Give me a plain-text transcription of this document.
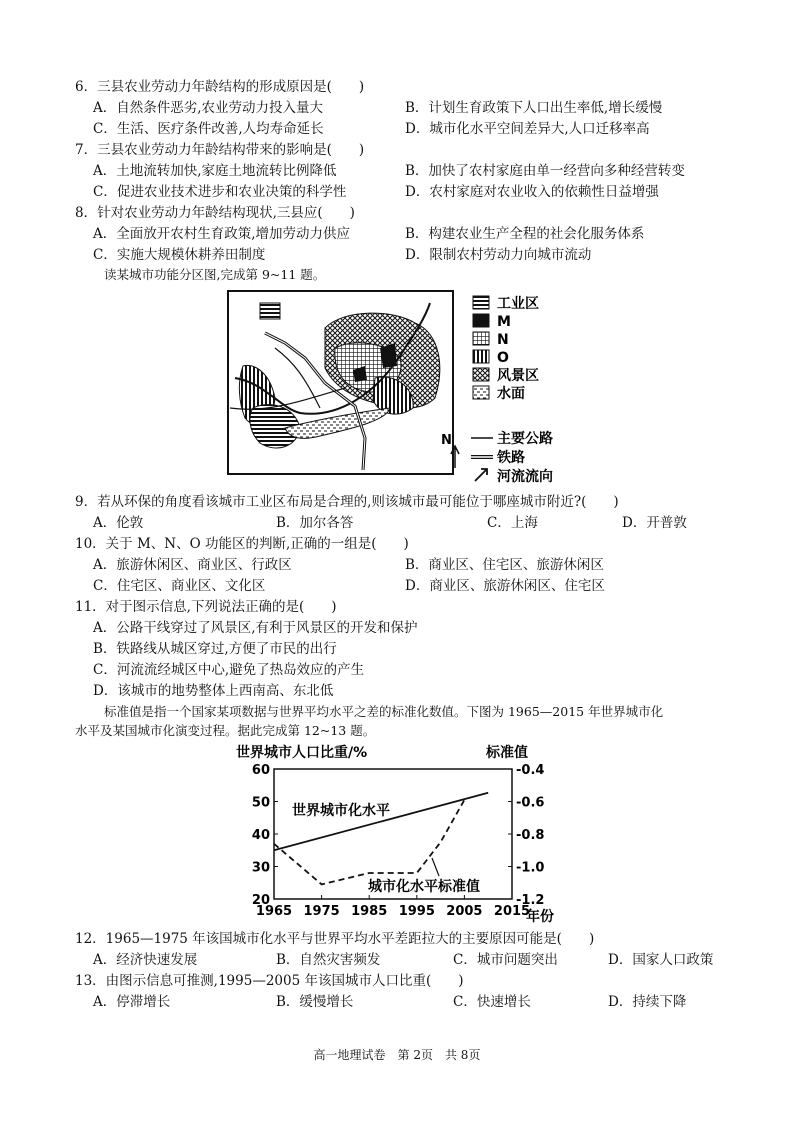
6．三县农业劳动力年龄结构的形成原因是(　　)
A．自然条件恶劣,农业劳动力投入量大	B．计划生育政策下人口出生率低,增长缓慢
C．生活、医疗条件改善,人均寿命延长	D．城市化水平空间差异大,人口迁移率高
7．三县农业劳动力年龄结构带来的影响是(　　)
A．土地流转加快,家庭土地流转比例降低	B．加快了农村家庭由单一经营向多种经营转变
C．促进农业技术进步和农业决策的科学性	D．农村家庭对农业收入的依赖性日益增强
8．针对农业劳动力年龄结构现状,三县应(　　)
A．全面放开农村生育政策,增加劳动力供应	B．构建农业生产全程的社会化服务体系
C．实施大规模休耕养田制度	D．限制农村劳动力向城市流动
读某城市功能分区图,完成第 9~11 题。
工业区
M
N
O
风景区
水面
N	主要公路
铁路
河流流向
9．若从环保的角度看该城市工业区布局是合理的,则该城市最可能位于哪座城市附近?(　　)
A．伦敦	B．加尔各答	C．上海	D．开普敦
10．关于 M、N、O 功能区的判断,正确的一组是(　　)
A．旅游休闲区、商业区、行政区	B．商业区、住宅区、旅游休闲区
C．住宅区、商业区、文化区	D．商业区、旅游休闲区、住宅区
11．对于图示信息,下列说法正确的是(　　)
A．公路干线穿过了风景区,有利于风景区的开发和保护
B．铁路线从城区穿过,方便了市民的出行
C．河流流经城区中心,避免了热岛效应的产生
D．该城市的地势整体上西南高、东北低
标准值是指一个国家某项数据与世界平均水平之差的标准化数值。下图为 1965—2015 年世界城市化
水平及某国城市化演变过程。据此完成第 12~13 题。
世界城市人口比重/%	标准值
年份
世界城市化水平
城市化水平标准值
1965 1975 1985 1995 2005 2015
20
30
40
50
60
-1.2
-1.0
-0.8
-0.6
-0.4
12．1965—1975 年该国城市化水平与世界平均水平差距拉大的主要原因可能是(　　)
A．经济快速发展	B．自然灾害频发	C．城市问题突出	D．国家人口政策
13．由图示信息可推测,1995—2005 年该国城市人口比重(　　)
A．停滞增长	B．缓慢增长	C．快速增长	D．持续下降
高一地理试卷　第 2页　共 8页
